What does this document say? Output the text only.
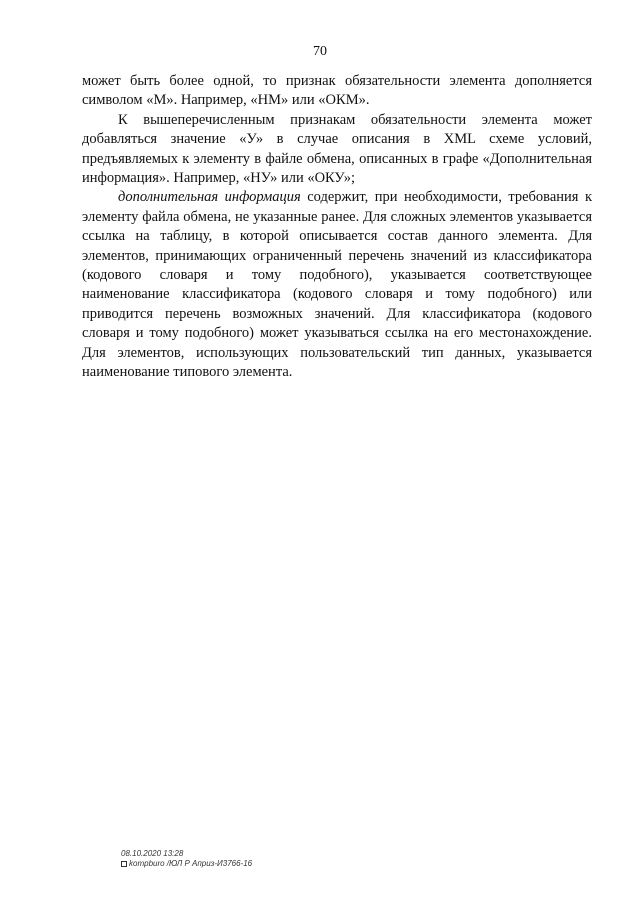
70

может быть более одной, то признак обязательности элемента дополняется символом «М». Например, «НМ» или «ОКМ».

К вышеперечисленным признакам обязательности элемента может добавляться значение «У» в случае описания в XML схеме условий, предъявляемых к элементу в файле обмена, описанных в графе «Дополнительная информация». Например, «НУ» или «ОКУ»;

дополнительная информация содержит, при необходимости, требования к элементу файла обмена, не указанные ранее. Для сложных элементов указывается ссылка на таблицу, в которой описывается состав данного элемента. Для элементов, принимающих ограниченный перечень значений из классификатора (кодового словаря и тому подобного), указывается соответствующее наименование классификатора (кодового словаря и тому подобного) или приводится перечень возможных значений. Для классификатора (кодового словаря и тому подобного) может указываться ссылка на его местонахождение. Для элементов, использующих пользовательский тип данных, указывается наименование типового элемента.

08.10.2020 13:28
kompburo /ЮЛ Р Априз-И3766-16
